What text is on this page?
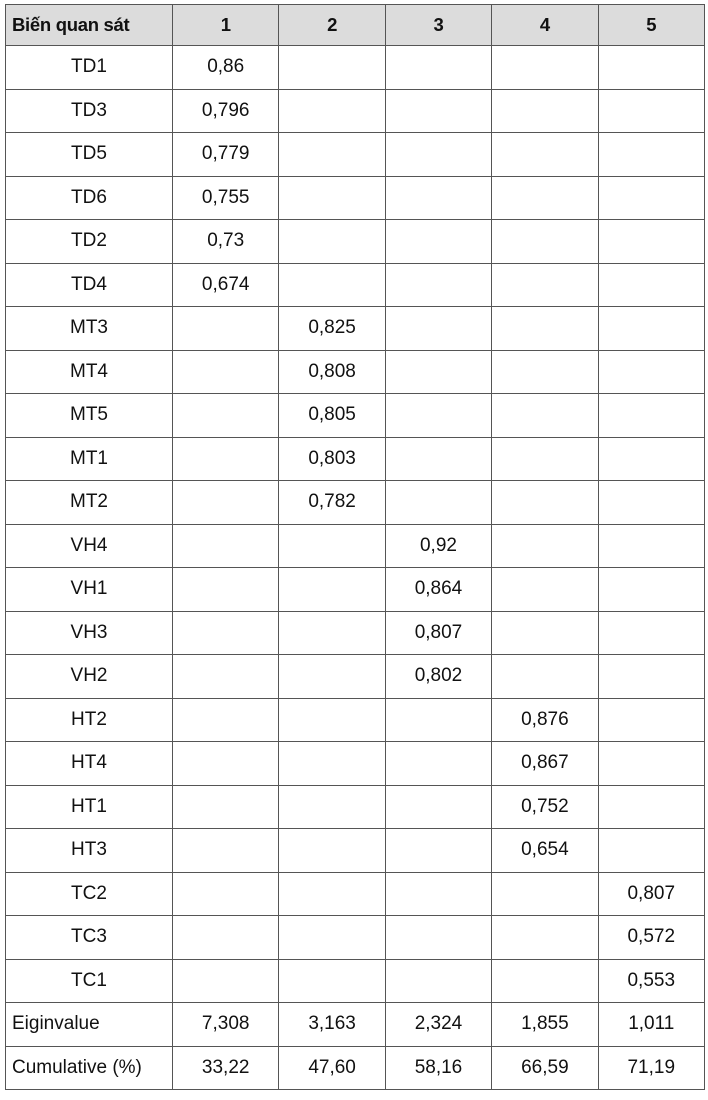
Biến quan sát	1	2	3	4	5
TD1	0,86				
TD3	0,796				
TD5	0,779				
TD6	0,755				
TD2	0,73				
TD4	0,674				
MT3		0,825			
MT4		0,808			
MT5		0,805			
MT1		0,803			
MT2		0,782			
VH4			0,92		
VH1			0,864		
VH3			0,807		
VH2			0,802		
HT2				0,876	
HT4				0,867	
HT1				0,752	
HT3				0,654	
TC2					0,807
TC3					0,572
TC1					0,553
Eiginvalue	7,308	3,163	2,324	1,855	1,011
Cumulative (%)	33,22	47,60	58,16	66,59	71,19
